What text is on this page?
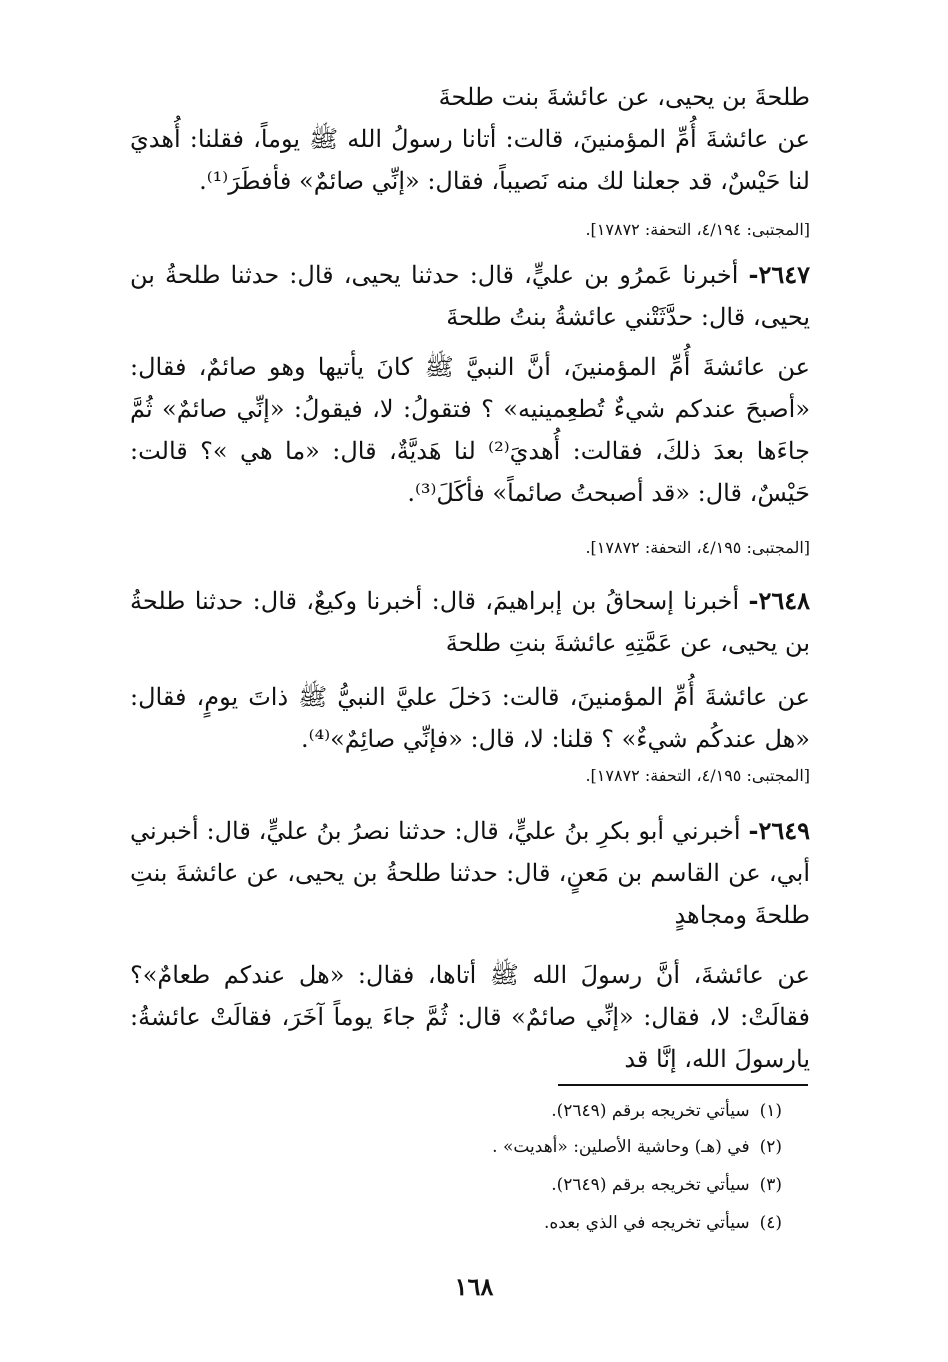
طلحةَ بن يحيى، عن عائشةَ بنت طلحةَ

عن عائشةَ أُمِّ المؤمنينَ، قالت: أتانا رسولُ الله ﷺ يوماً، فقلنا: أُهديَ لنا حَيْسٌ، قد جعلنا لك منه نَصيباً، فقال: «إنِّي صائمٌ» فأفطَرَ⁽¹⁾.

[المجتبى: ٤/١٩٤، التحفة: ١٧٨٧٢].

٢٦٤٧- أخبرنا عَمرُو بن عليٍّ، قال: حدثنا يحيى، قال: حدثنا طلحةُ بن يحيى، قال: حدَّثَتْني عائشةُ بنتُ طلحةَ

عن عائشةَ أُمِّ المؤمنينَ، أنَّ النبيَّ ﷺ كانَ يأتيها وهو صائمٌ، فقال: «أصبحَ عندكم شيءٌ تُطعِمينيه» ؟ فتقولُ: لا، فيقولُ: «إنِّي صائمٌ» ثُمَّ جاءَها بعدَ ذلكَ، فقالت: أُهديَ⁽²⁾ لنا هَديَّةٌ، قال: «ما هي »؟ قالت: حَيْسٌ، قال: «قد أصبحتُ صائماً» فأكَلَ⁽³⁾.

[المجتبى: ٤/١٩٥، التحفة: ١٧٨٧٢].

٢٦٤٨- أخبرنا إسحاقُ بن إبراهيمَ، قال: أخبرنا وكيعٌ، قال: حدثنا طلحةُ بن يحيى، عن عَمَّتِهِ عائشةَ بنتِ طلحةَ

عن عائشةَ أُمِّ المؤمنينَ، قالت: دَخلَ عليَّ النبيُّ ﷺ ذاتَ يومٍ، فقال: «هل عندكُم شيءٌ» ؟ قلنا: لا، قال: «فإنِّي صائِمٌ»⁽⁴⁾.

[المجتبى: ٤/١٩٥، التحفة: ١٧٨٧٢].

٢٦٤٩- أخبرني أبو بكرِ بنُ عليٍّ، قال: حدثنا نصرُ بنُ عليٍّ، قال: أخبرني أبي، عن القاسم بن مَعنٍ، قال: حدثنا طلحةُ بن يحيى، عن عائشةَ بنتِ طلحةَ ومجاهدٍ

عن عائشةَ، أنَّ رسولَ الله ﷺ أتاها، فقال: «هل عندكم طعامٌ»؟ فقالَتْ: لا، فقال: «إنِّي صائمٌ» قال: ثُمَّ جاءَ يوماً آخَرَ، فقالَتْ عائشةُ: يارسولَ الله، إنَّا قد

(١)سيأتي تخريجه برقم (٢٦٤٩).
(٢)في (هـ) وحاشية الأصلين: «أهديت» .
(٣)سيأتي تخريجه برقم (٢٦٤٩).
(٤)سيأتي تخريجه في الذي بعده.
١٦٨
